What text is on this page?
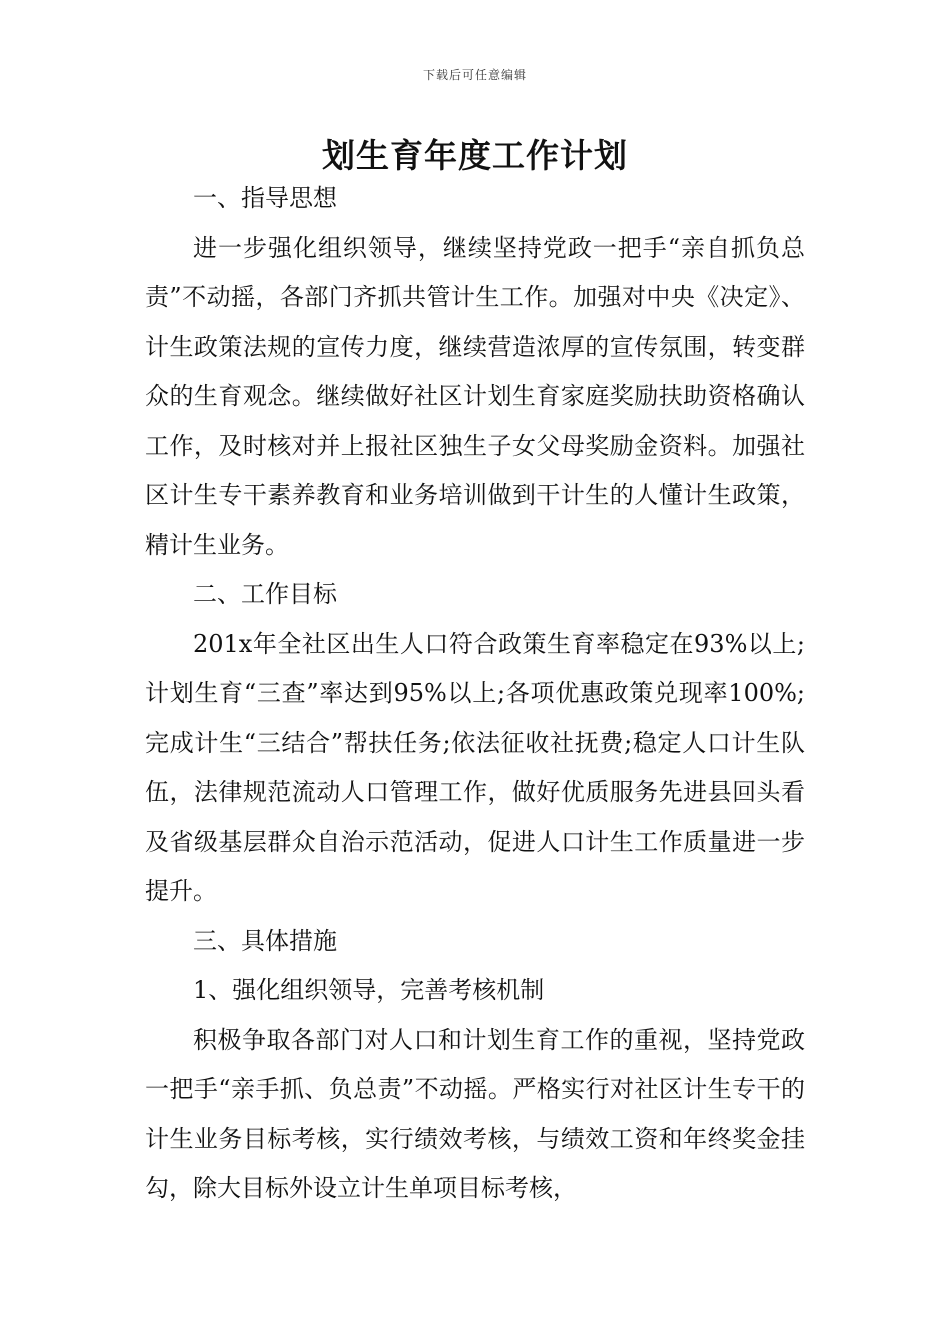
下载后可任意编辑
划生育年度工作计划

一、指导思想

进一步强化组织领导，继续坚持党政一把手“亲自抓负总责”不动摇，各部门齐抓共管计生工作。加强对中央《决定》、计生政策法规的宣传力度，继续营造浓厚的宣传氛围，转变群众的生育观念。继续做好社区计划生育家庭奖励扶助资格确认工作，及时核对并上报社区独生子女父母奖励金资料。加强社区计生专干素养教育和业务培训做到干计生的人懂计生政策，精计生业务。

二、工作目标

201x年全社区出生人口符合政策生育率稳定在93%以上;计划生育“三查”率达到95%以上;各项优惠政策兑现率100%;完成计生“三结合”帮扶任务;依法征收社抚费;稳定人口计生队伍，法律规范流动人口管理工作，做好优质服务先进县回头看及省级基层群众自治示范活动，促进人口计生工作质量进一步提升。

三、具体措施

1、强化组织领导，完善考核机制

积极争取各部门对人口和计划生育工作的重视，坚持党政一把手“亲手抓、负总责”不动摇。严格实行对社区计生专干的计生业务目标考核，实行绩效考核，与绩效工资和年终奖金挂勾，除大目标外设立计生单项目标考核，
